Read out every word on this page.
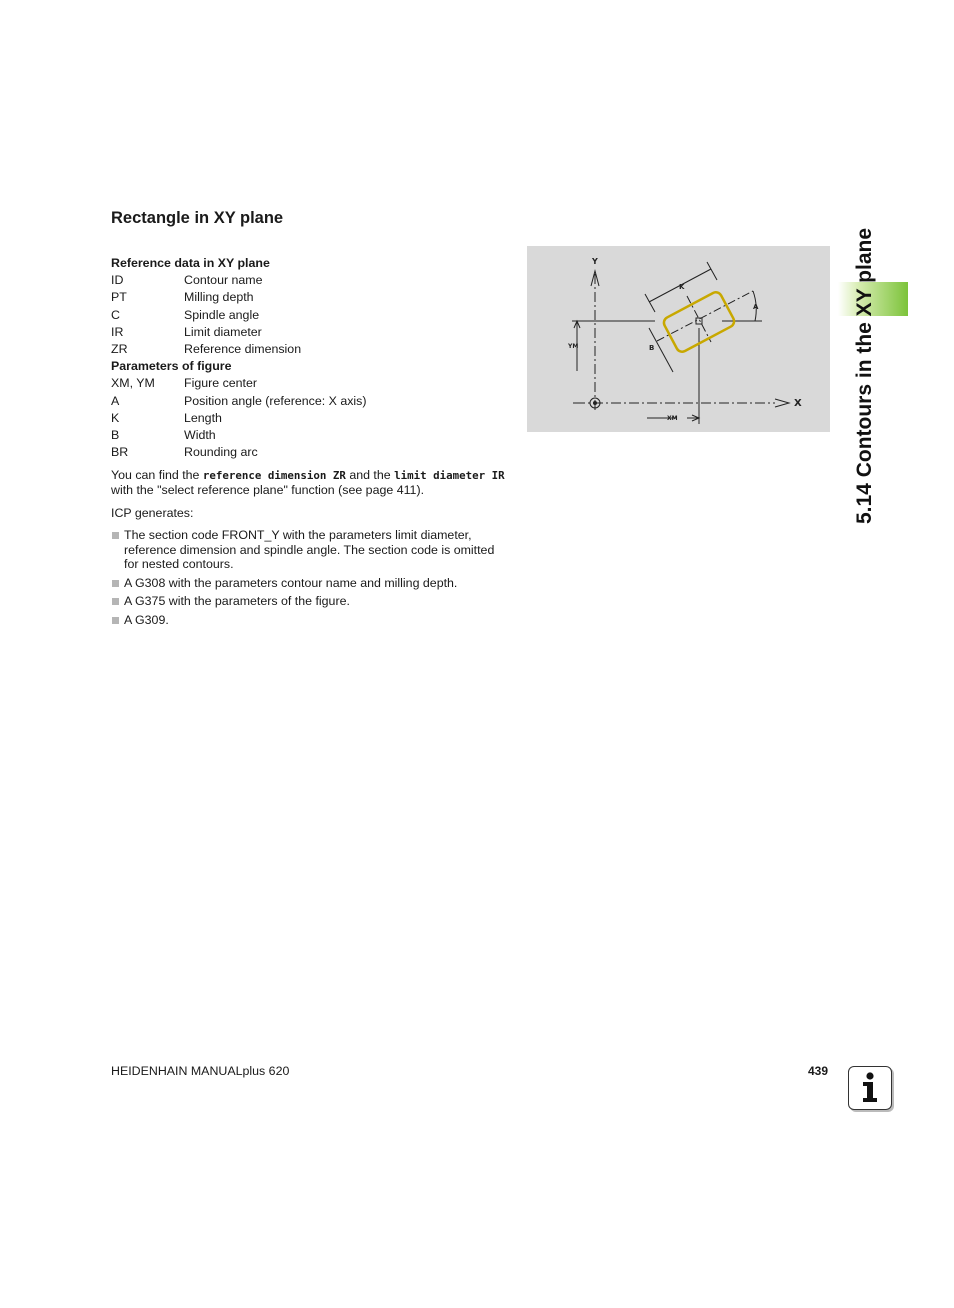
Rectangle in XY plane
Reference data in XY plane
ID	Contour name
PT	Milling depth
C	Spindle angle
IR	Limit diameter
ZR	Reference dimension
Parameters of figure
XM, YM	Figure center
A	Position angle (reference: X axis)
K	Length
B	Width
BR	Rounding arc
You can find the reference dimension ZR and the limit diameter IR with the "select reference plane" function (see page 411).
ICP generates:
The section code FRONT_Y with the parameters limit diameter, reference dimension and spindle angle. The section code is omitted for nested contours.
A G308 with the parameters contour name and milling depth.
A G375 with the parameters of the figure.
A G309.
Y
X
YM
XM
K
A
B	5.14 Contours in the XY plane
HEIDENHAIN MANUALplus 620	439
